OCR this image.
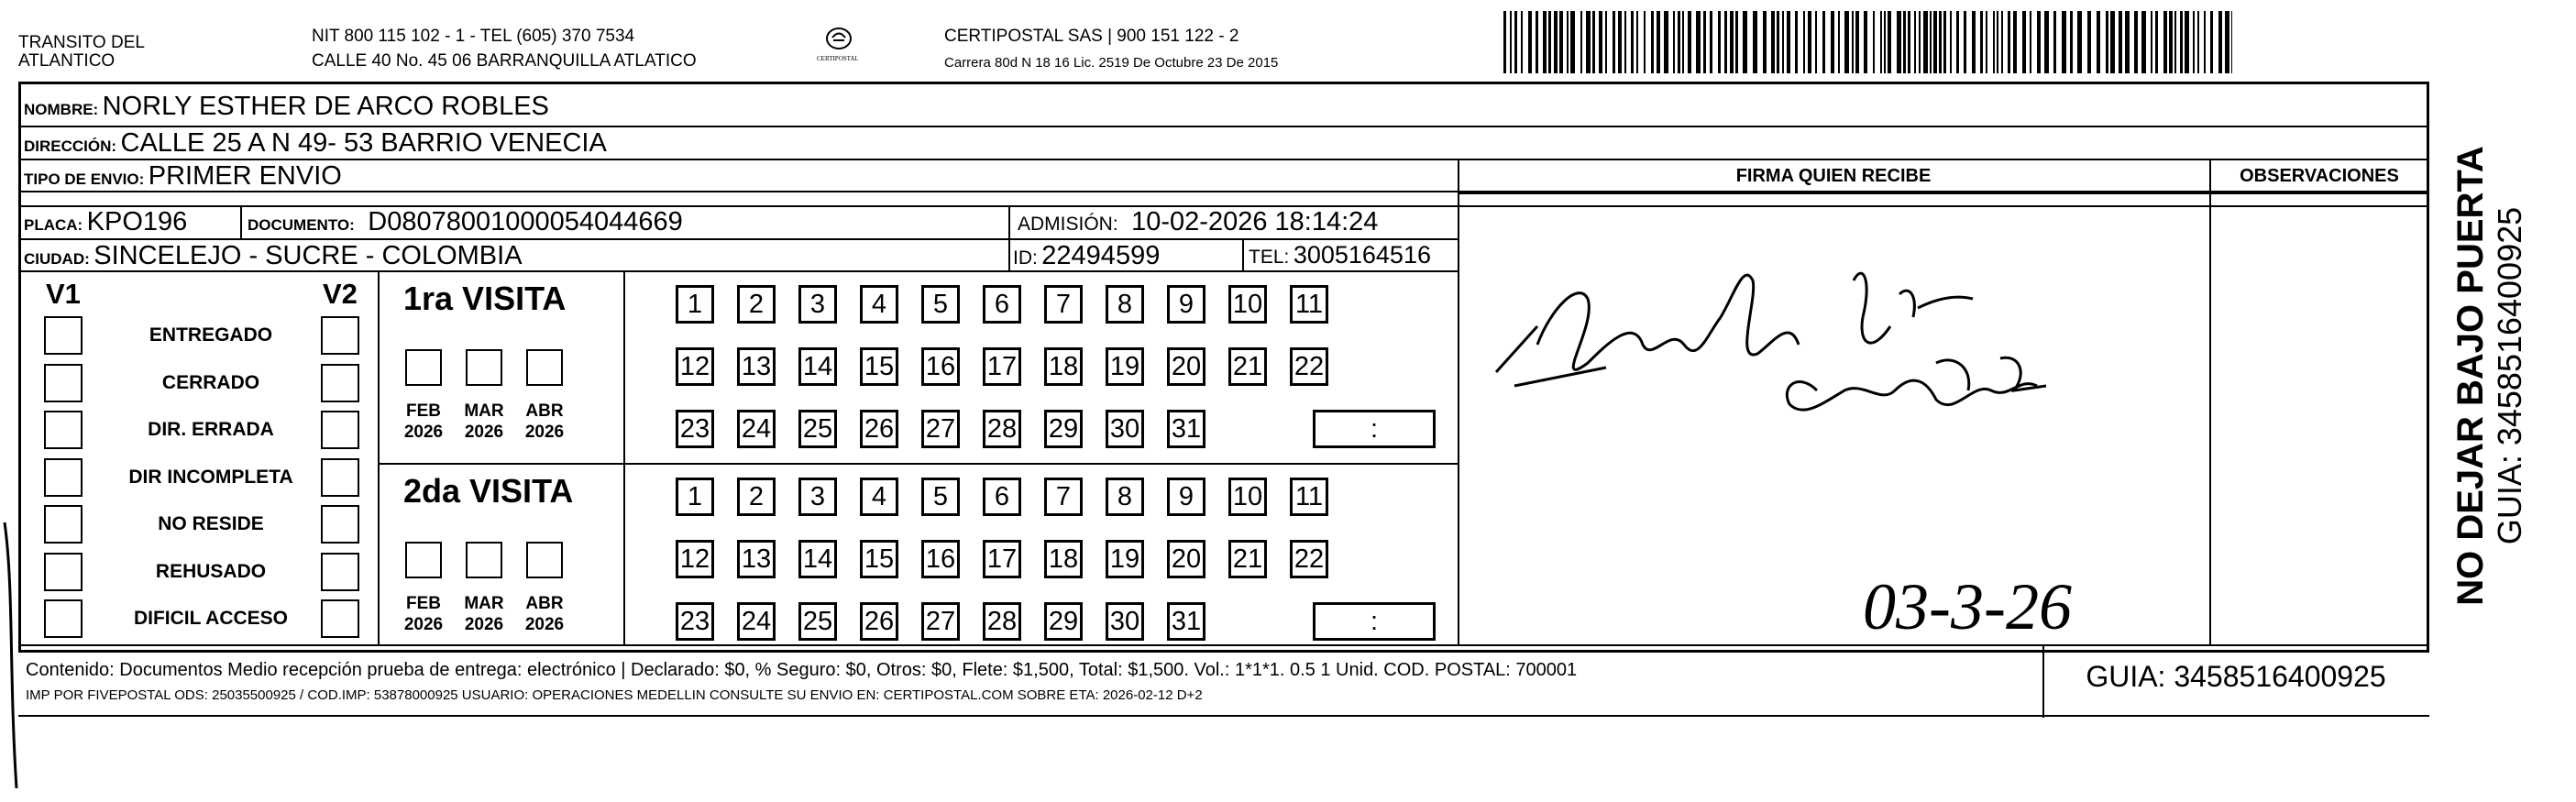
TRANSITO DEL
ATLANTICO
NIT 800 115 102 - 1 - TEL (605) 370 7534
CALLE 40 No. 45 06 BARRANQUILLA ATLATICO	CERTIPOSTAL
CERTIPOSTAL SAS | 900 151 122 - 2
Carrera 80d N 18 16 Lic. 2519 De Octubre 23 De 2015
NOMBRE: NORLY ESTHER DE ARCO ROBLES
DIRECCIÓN: CALLE 25 A N 49- 53 BARRIO VENECIA
TIPO DE ENVIO: PRIMER ENVIO
PLACA: KPO196	DOCUMENTO: D08078001000054044669	ADMISIÓN: 10-02-2026 18:14:24
CIUDAD: SINCELEJO - SUCRE - COLOMBIA	ID: 22494599	TEL: 3005164516
FIRMA QUIEN RECIBE	OBSERVACIONES
V1	V2
ENTREGADO
CERRADO
DIR. ERRADA
DIR INCOMPLETA
NO RESIDE
REHUSADO
DIFICIL ACCESO
1ra VISITA
FEB
2026
MAR
2026
ABR
2026
1	2	3	4	5	6	7	8	9	10 11
12 13 14 15 16 17 18 19 20 21 22
23 24 25 26 27 28 29 30 31	:
2da VISITA
FEB
2026
MAR
2026
ABR
2026
1	2	3	4	5	6	7	8	9	10 11
12 13 14 15 16 17 18 19 20 21 22
23 24 25 26 27 28 29 30 31	:	03-3-26
NO DEJAR BAJO PUERTA GUIA: 3458516400925
Contenido: Documentos Medio recepción prueba de entrega: electrónico | Declarado: $0, % Seguro: $0, Otros: $0, Flete: $1,500, Total: $1,500. Vol.: 1*1*1. 0.5 1 Unid. COD. POSTAL: 700001
IMP POR FIVEPOSTAL ODS: 25035500925 / COD.IMP: 53878000925 USUARIO: OPERACIONES MEDELLIN CONSULTE SU ENVIO EN: CERTIPOSTAL.COM SOBRE ETA: 2026-02-12 D+2
GUIA: 3458516400925
